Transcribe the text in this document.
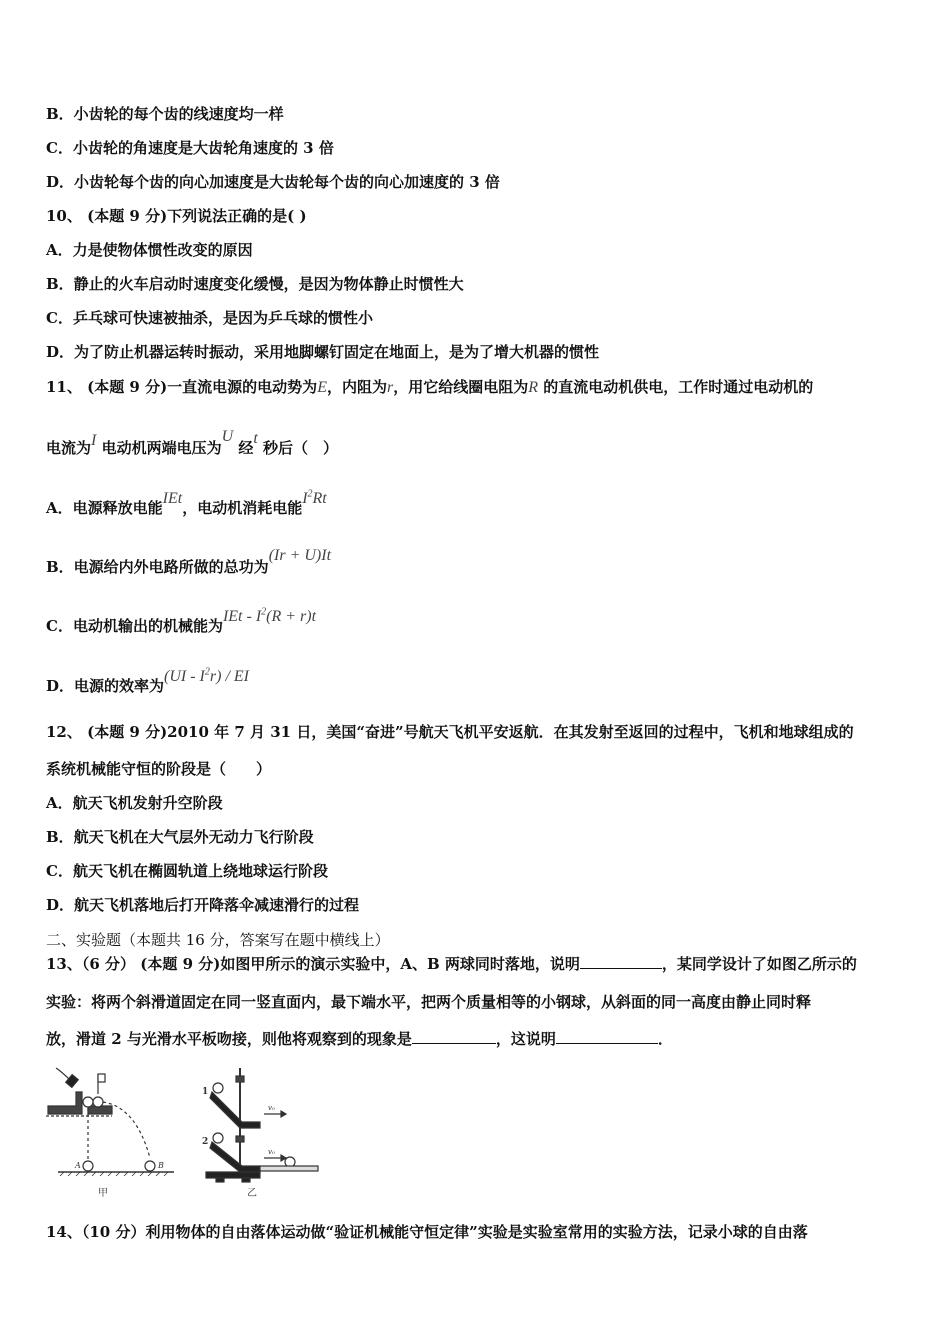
B．小齿轮的每个齿的线速度均一样
C．小齿轮的角速度是大齿轮角速度的 3 倍
D．小齿轮每个齿的向心加速度是大齿轮每个齿的向心加速度的 3 倍
10、 (本题 9 分)下列说法正确的是( )
A．力是使物体惯性改变的原因
B．静止的火车启动时速度变化缓慢，是因为物体静止时惯性大
C．乒乓球可快速被抽杀，是因为乒乓球的惯性小
D．为了防止机器运转时振动，采用地脚螺钉固定在地面上，是为了增大机器的惯性
11、 (本题 9 分)一直流电源的电动势为E，内阻为r，用它给线圈电阻为R 的直流电动机供电，工作时通过电动机的
电流为I 电动机两端电压为U 经t 秒后（　）
A．电源释放电能IEt，电动机消耗电能$I^2Rt$
B．电源给内外电路所做的总功为(Ir + U)It
C．电动机输出的机械能为IEt - $I^2(R + r)t$
D．电源的效率为$(UI - I^2r)$ / EI
12、 (本题 9 分)2010 年 7 月 31 日，美国“奋进”号航天飞机平安返航．在其发射至返回的过程中，飞机和地球组成的
系统机械能守恒的阶段是（　　）
A．航天飞机发射升空阶段
B．航天飞机在大气层外无动力飞行阶段
C．航天飞机在椭圆轨道上绕地球运行阶段
D．航天飞机落地后打开降落伞减速滑行的过程
二、实验题（本题共 16 分，答案写在题中横线上）
13、（6 分） (本题 9 分)如图甲所示的演示实验中，A、B 两球同时落地，说明	，某同学设计了如图乙所示的
实验：将两个斜滑道固定在同一竖直面内，最下端水平，把两个质量相等的小钢球，从斜面的同一高度由静止同时释
放，滑道 2 与光滑水平板吻接，则他将观察到的现象是	，这说明	．
A	B
甲
1
2
v₀
v₀
乙
14、（10 分）利用物体的自由落体运动做“验证机械能守恒定律”实验是实验室常用的实验方法，记录小球的自由落
